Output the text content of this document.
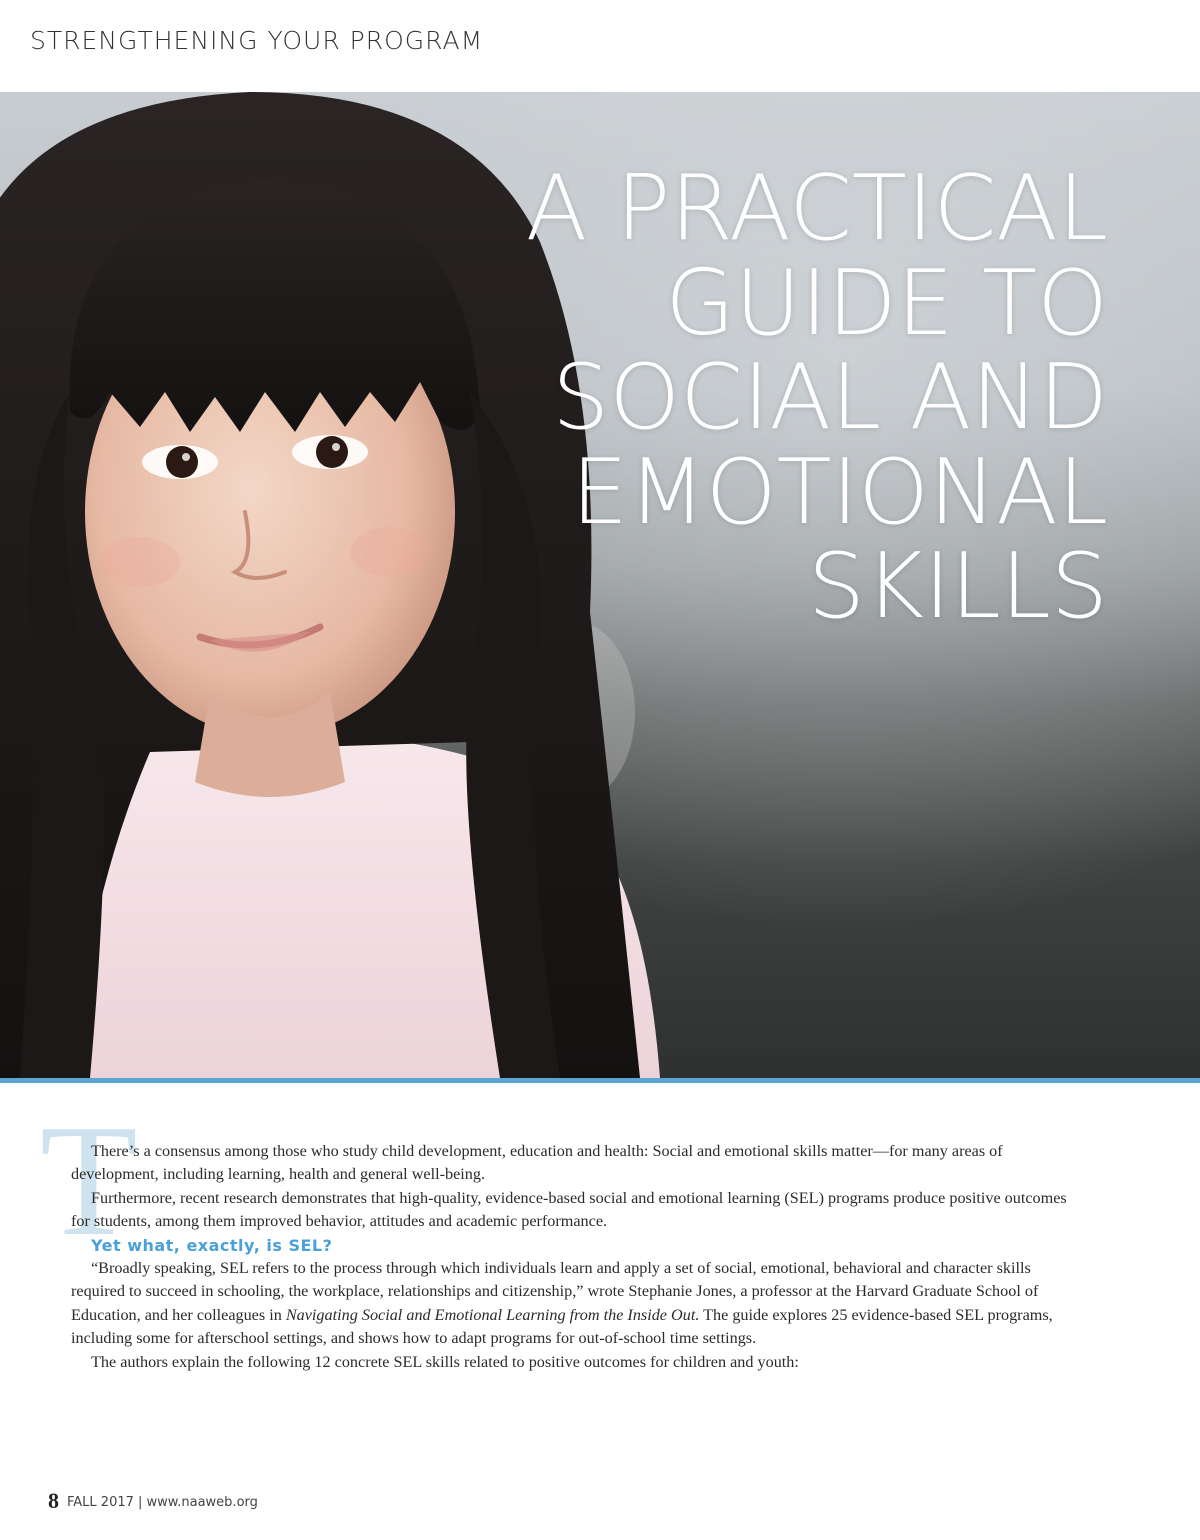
STRENGTHENING YOUR PROGRAM
A PRACTICAL
GUIDE TO
SOCIAL AND
EMOTIONAL
SKILLS
T

There’s a consensus among those who study child development, education and health: Social and emotional skills matter—for many areas of development, including learning, health and general well-being.

Furthermore, recent research demonstrates that high-quality, evidence-based social and emotional learning (SEL) programs produce positive outcomes for students, among them improved behavior, attitudes and academic performance.

Yet what, exactly, is SEL?

“Broadly speaking, SEL refers to the process through which individuals learn and apply a set of social, emotional, behavioral and character skills required to succeed in schooling, the workplace, relationships and citizenship,” wrote Stephanie Jones, a professor at the Harvard Graduate School of Education, and her colleagues in Navigating Social and Emotional Learning from the Inside Out. The guide explores 25 evidence-based SEL programs, including some for afterschool settings, and shows how to adapt programs for out-of-school time settings.

The authors explain the following 12 concrete SEL skills related to positive outcomes for children and youth:

8 FALL 2017 | www.naaweb.org
